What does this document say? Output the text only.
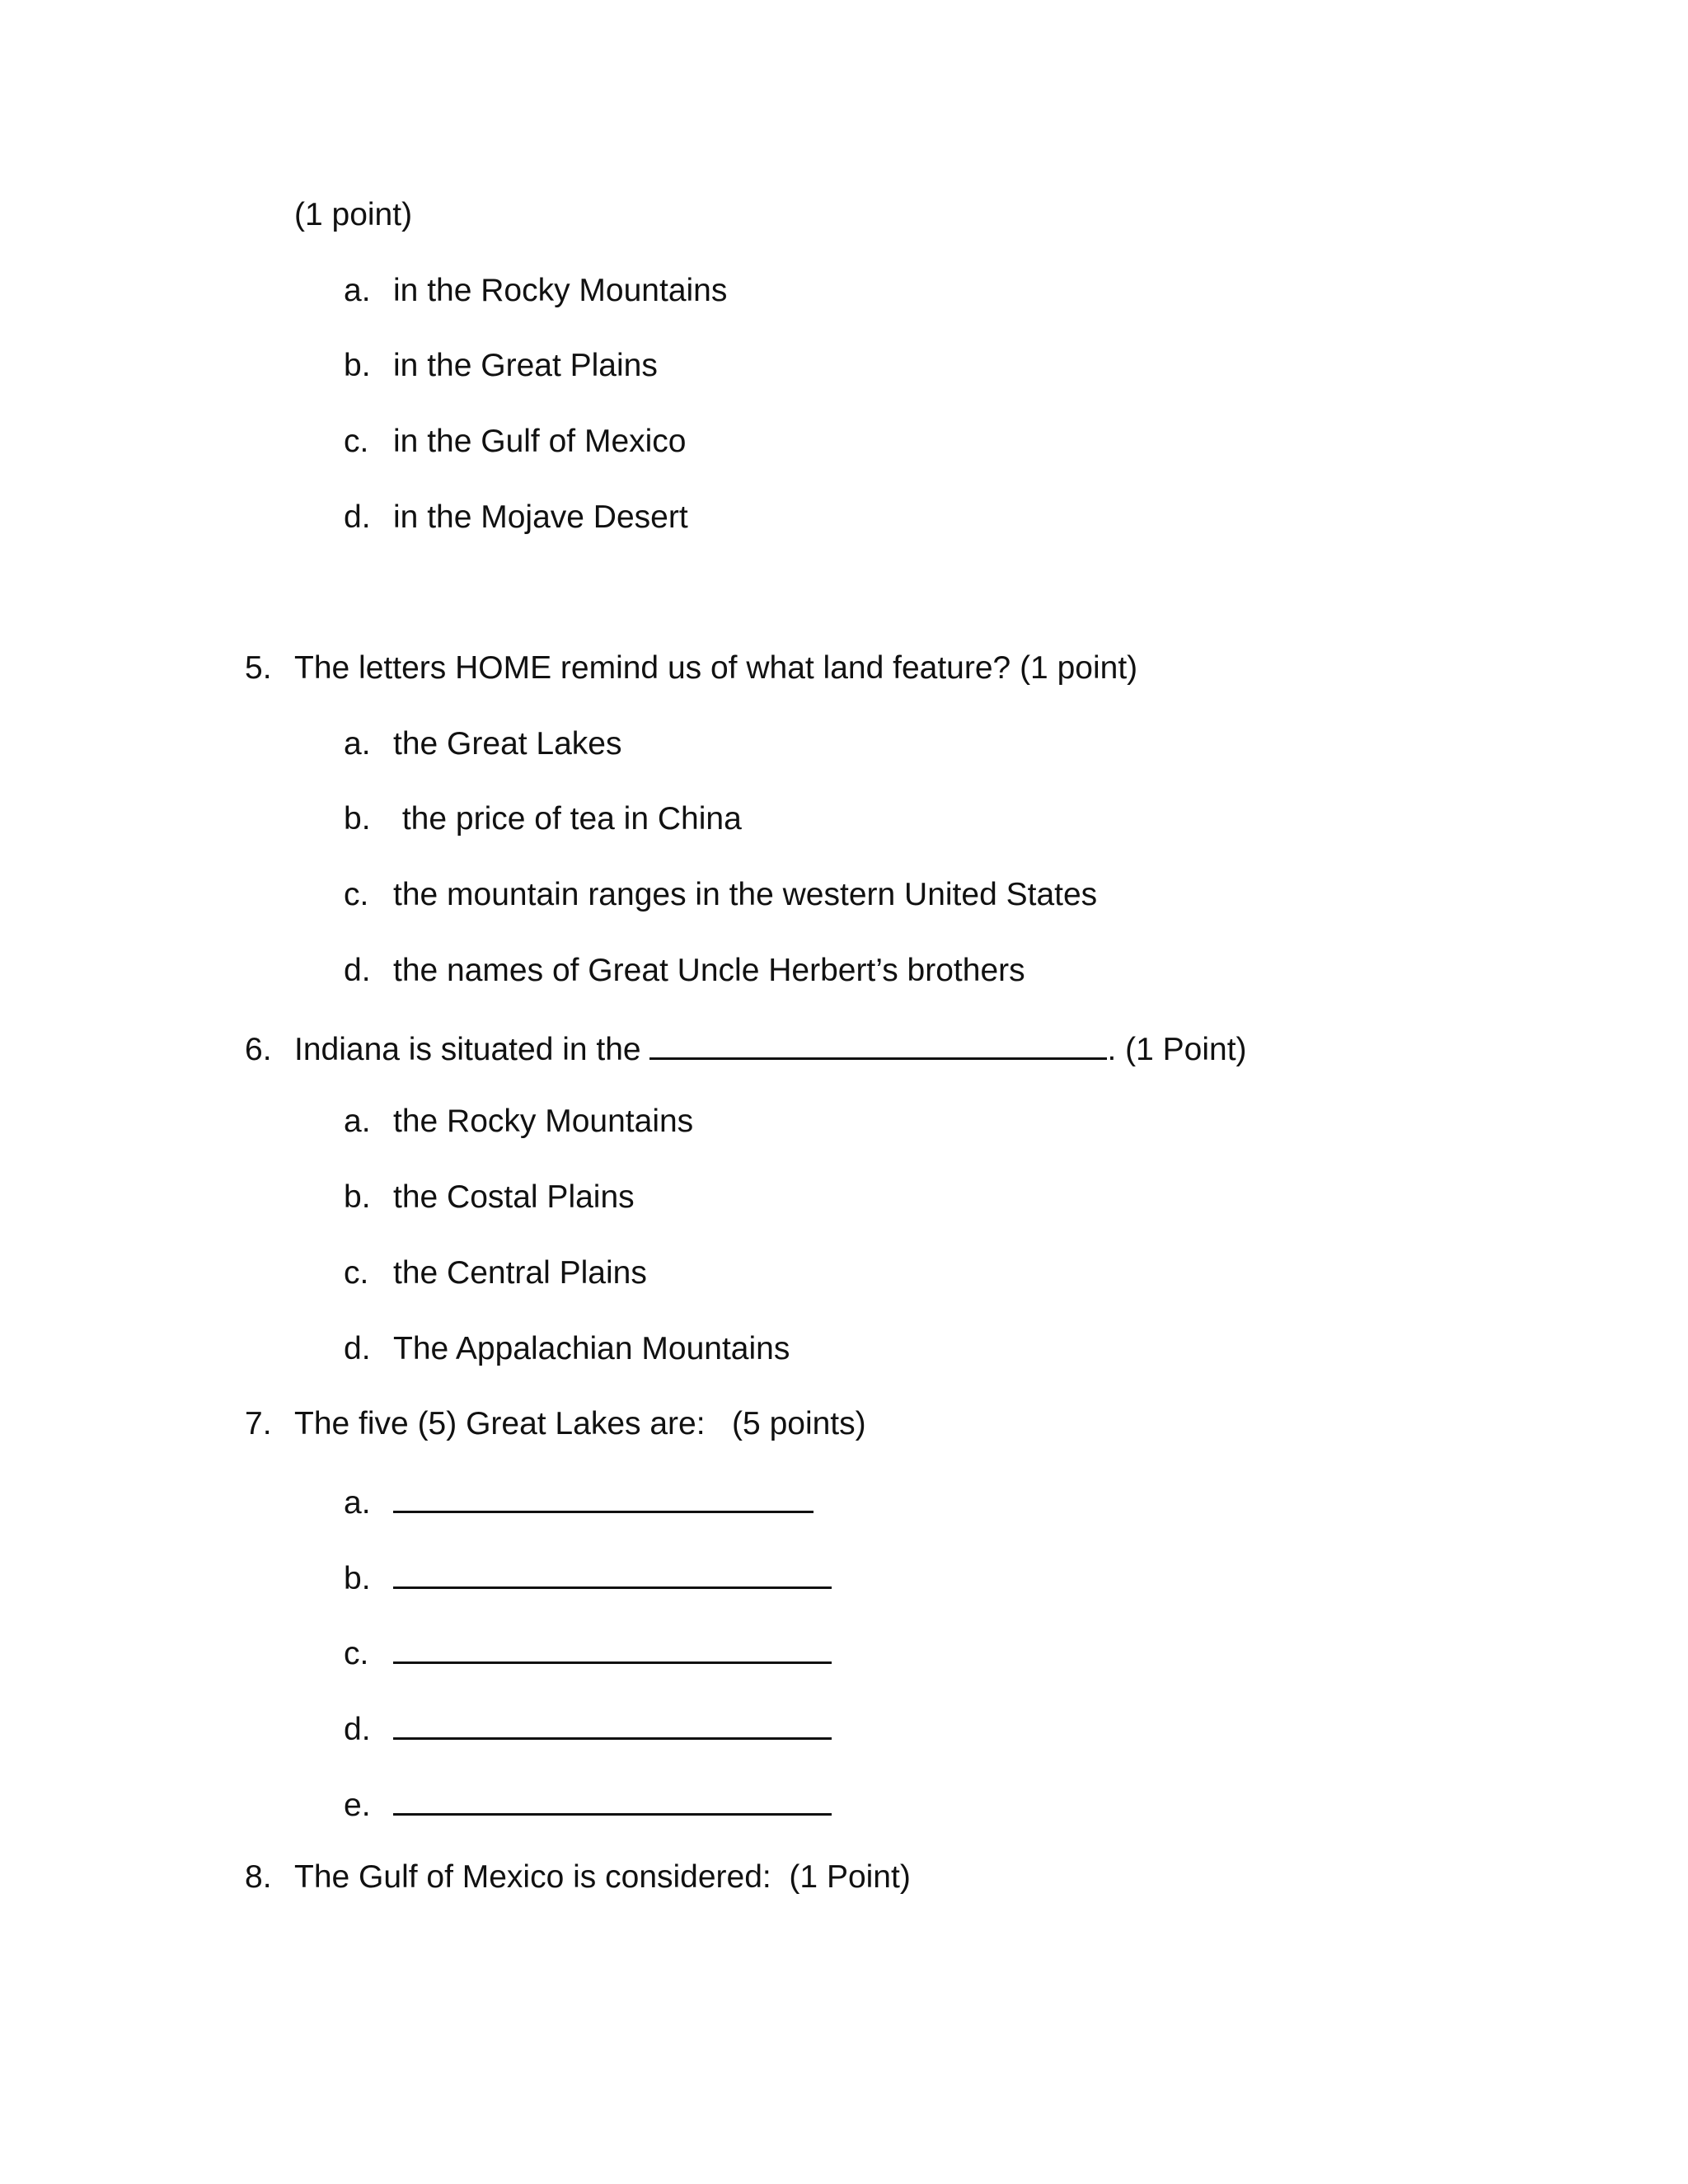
(1 point)
a. in the Rocky Mountains
b. in the Great Plains
c. in the Gulf of Mexico
d. in the Mojave Desert
5. The letters HOME remind us of what land feature? (1 point)
a. the Great Lakes
b. the price of tea in China
c. the mountain ranges in the western United States
d. the names of Great Uncle Herbert’s brothers
6. Indiana is situated in the	. (1 Point)
a. the Rocky Mountains
b. the Costal Plains
c. the Central Plains
d. The Appalachian Mountains
7. The five (5) Great Lakes are:   (5 points)
a.
b.
c.
d.
e.
8. The Gulf of Mexico is considered:  (1 Point)
